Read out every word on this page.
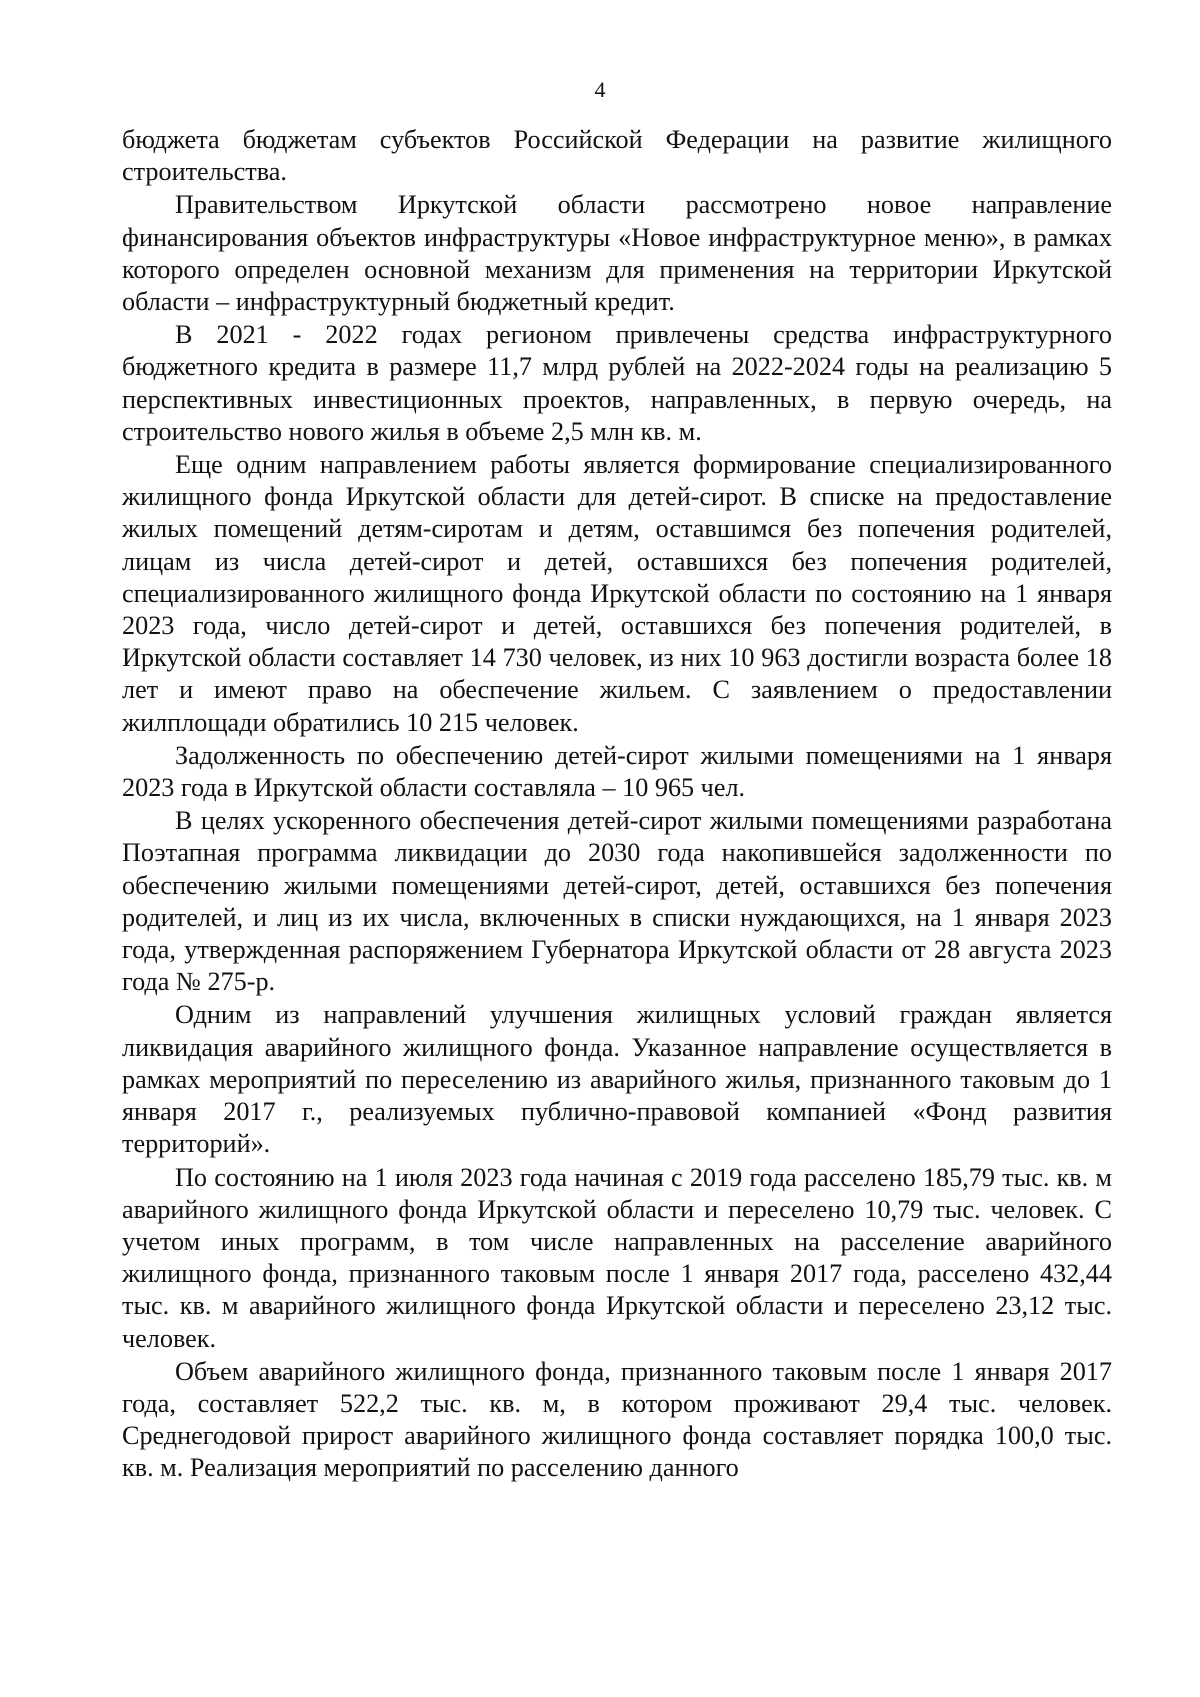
4

бюджета бюджетам субъектов Российской Федерации на развитие жилищного строительства.

Правительством Иркутской области рассмотрено новое направление финансирования объектов инфраструктуры «Новое инфраструктурное меню», в рамках которого определен основной механизм для применения на территории Иркутской области – инфраструктурный бюджетный кредит.

В 2021 - 2022 годах регионом привлечены средства инфраструктурного бюджетного кредита в размере 11,7 млрд рублей на 2022-2024 годы на реализацию 5 перспективных инвестиционных проектов, направленных, в первую очередь, на строительство нового жилья в объеме 2,5 млн кв. м.

Еще одним направлением работы является формирование специализированного жилищного фонда Иркутской области для детей-сирот. В списке на предоставление жилых помещений детям-сиротам и детям, оставшимся без попечения родителей, лицам из числа детей-сирот и детей, оставшихся без попечения родителей, специализированного жилищного фонда Иркутской области по состоянию на 1 января 2023 года, число детей-сирот и детей, оставшихся без попечения родителей, в Иркутской области составляет 14 730 человек, из них 10 963 достигли возраста более 18 лет и имеют право на обеспечение жильем. С заявлением о предоставлении жилплощади обратились 10 215 человек.

Задолженность по обеспечению детей-сирот жилыми помещениями на 1 января 2023 года в Иркутской области составляла – 10 965 чел.

В целях ускоренного обеспечения детей-сирот жилыми помещениями разработана Поэтапная программа ликвидации до 2030 года накопившейся задолженности по обеспечению жилыми помещениями детей-сирот, детей, оставшихся без попечения родителей, и лиц из их числа, включенных в списки нуждающихся, на 1 января 2023 года, утвержденная распоряжением Губернатора Иркутской области от 28 августа 2023 года № 275-р.

Одним из направлений улучшения жилищных условий граждан является ликвидация аварийного жилищного фонда. Указанное направление осуществляется в рамках мероприятий по переселению из аварийного жилья, признанного таковым до 1 января 2017 г., реализуемых публично-правовой компанией «Фонд развития территорий».

По состоянию на 1 июля 2023 года начиная с 2019 года расселено 185,79 тыс. кв. м аварийного жилищного фонда Иркутской области и переселено 10,79 тыс. человек. С учетом иных программ, в том числе направленных на расселение аварийного жилищного фонда, признанного таковым после 1 января 2017 года, расселено 432,44 тыс. кв. м аварийного жилищного фонда Иркутской области и переселено 23,12 тыс. человек.

Объем аварийного жилищного фонда, признанного таковым после 1 января 2017 года, составляет 522,2 тыс. кв. м, в котором проживают 29,4 тыс. человек. Среднегодовой прирост аварийного жилищного фонда составляет порядка 100,0 тыс. кв. м. Реализация мероприятий по расселению данного
